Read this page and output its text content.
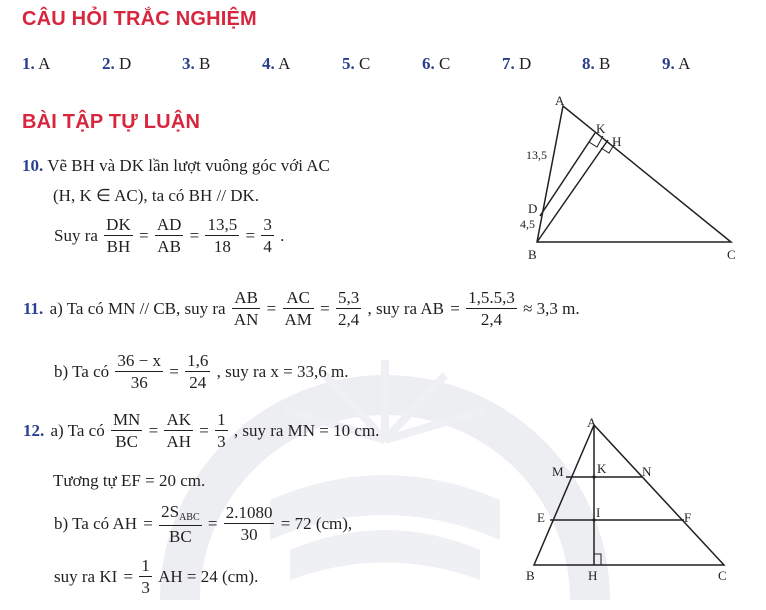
CÂU HỎI TRẮC NGHIỆM
1. A	2. D	3. B	4. A	5. C	6. C	7. D	8. B	9. A
BÀI TẬP TỰ LUẬN
10. Vẽ BH và DK lần lượt vuông góc với AC
(H, K ∈ AC), ta có BH // DK.
Suy ra $\frac{DK}{BH} = \frac{AD}{AB} = \frac{13,5}{18} = \frac{3}{4}$ .
11. a) Ta có MN // CB, suy ra $\frac{AB}{AN} = \frac{AC}{AM} = \frac{5,3}{2,4}$ , suy ra AB = $\frac{1,5.5,3}{2,4} \approx 3,3$ m.
b) Ta có $\frac{36 - x}{36} = \frac{1,6}{24}$ , suy ra x = 33,6 m.
12. a) Ta có $\frac{MN}{BC} = \frac{AK}{AH} = \frac{1}{3}$ , suy ra MN = 10 cm.
Tương tự EF = 20 cm.
b) Ta có AH = $\frac{2S_{ABC}}{BC} = \frac{2.1080}{30} = 72$ (cm),
suy ra KI = $\frac{1}{3}$ AH = 24 (cm).
A
K
H
D
B	C
13,5
4,5
A
M	K	N
E	I	F
B	H	C
